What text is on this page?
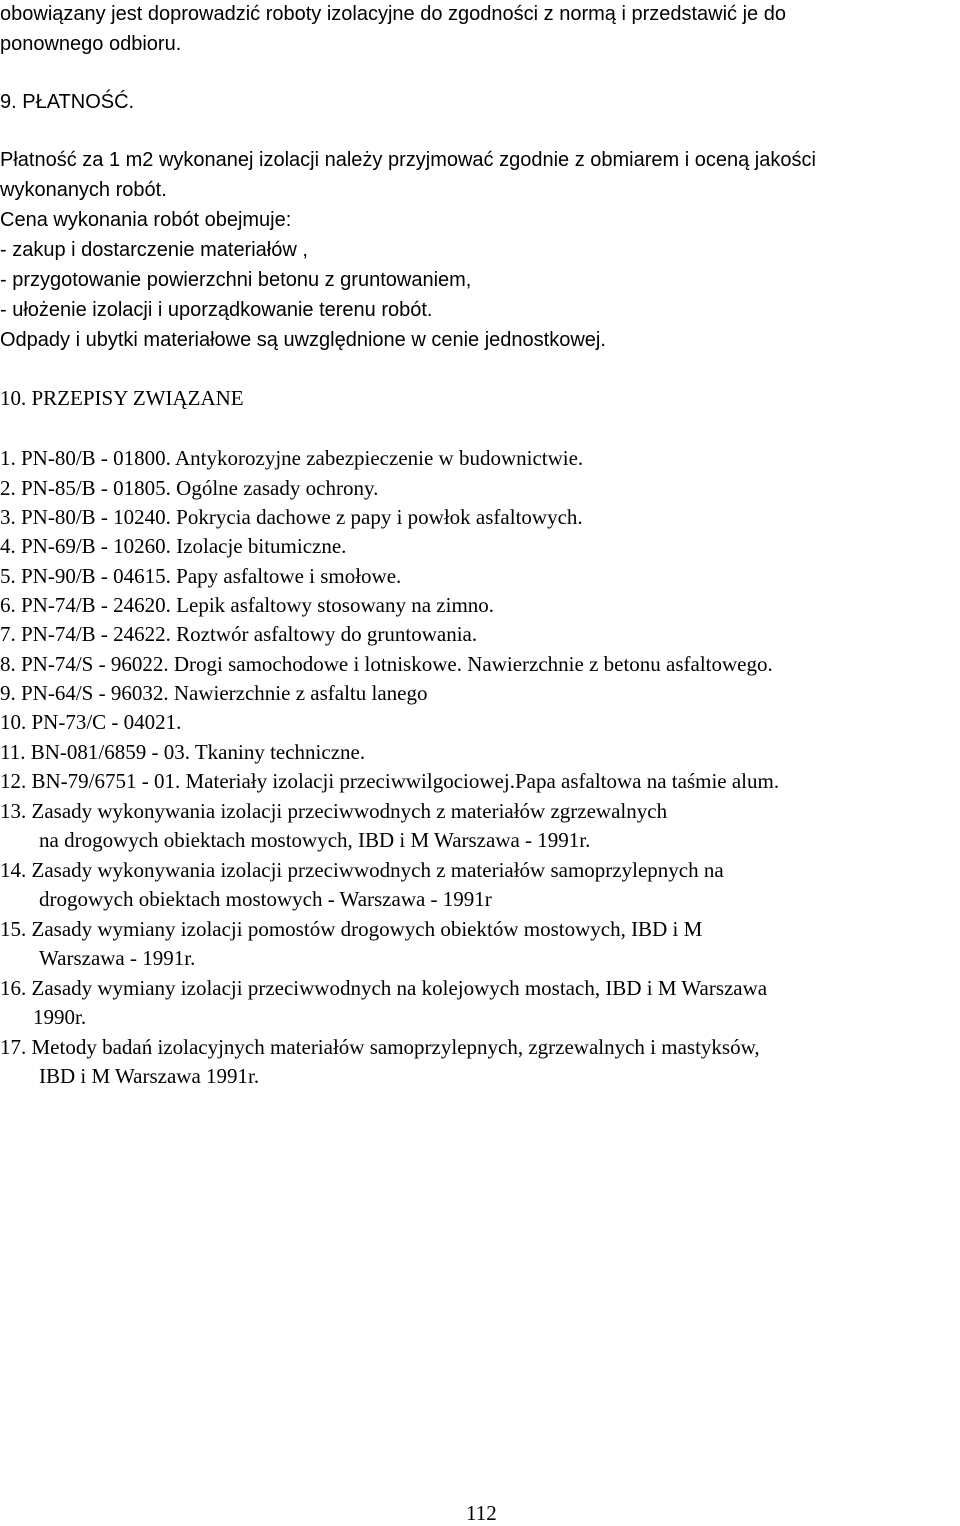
obowiązany jest doprowadzić roboty izolacyjne do zgodności z normą i przedstawić je do

ponownego odbioru.

9. PŁATNOŚĆ.

Płatność za 1 m2 wykonanej izolacji należy przyjmować zgodnie z obmiarem i oceną jakości

wykonanych robót.

Cena wykonania robót obejmuje:

- zakup i dostarczenie materiałów ,

- przygotowanie powierzchni betonu z gruntowaniem,

- ułożenie izolacji i uporządkowanie terenu robót.

Odpady i ubytki materiałowe są uwzględnione w cenie jednostkowej.

10. PRZEPISY ZWIĄZANE

1. PN-80/B - 01800. Antykorozyjne zabezpieczenie w budownictwie.

2. PN-85/B - 01805. Ogólne zasady ochrony.

3. PN-80/B - 10240. Pokrycia dachowe z papy i powłok asfaltowych.

4. PN-69/B - 10260. Izolacje bitumiczne.

5. PN-90/B - 04615. Papy asfaltowe i smołowe.

6. PN-74/B - 24620. Lepik asfaltowy stosowany na zimno.

7. PN-74/B - 24622. Roztwór asfaltowy do gruntowania.

8. PN-74/S - 96022. Drogi samochodowe i lotniskowe. Nawierzchnie z betonu asfaltowego.

9. PN-64/S - 96032. Nawierzchnie z asfaltu lanego

10. PN-73/C - 04021.

11. BN-081/6859 - 03. Tkaniny techniczne.

12. BN-79/6751 - 01. Materiały izolacji przeciwwilgociowej.Papa asfaltowa na taśmie alum.

13. Zasady wykonywania izolacji przeciwwodnych z materiałów zgrzewalnych

na drogowych obiektach mostowych, IBD i M Warszawa - 1991r.

14. Zasady wykonywania izolacji przeciwwodnych z materiałów samoprzylepnych na

drogowych obiektach mostowych - Warszawa - 1991r

15. Zasady wymiany izolacji pomostów drogowych obiektów mostowych, IBD i M

Warszawa - 1991r.

16. Zasady wymiany izolacji przeciwwodnych na kolejowych mostach, IBD i M Warszawa

1990r.

17. Metody badań izolacyjnych materiałów samoprzylepnych, zgrzewalnych i mastyksów,

IBD i M Warszawa 1991r.

112
